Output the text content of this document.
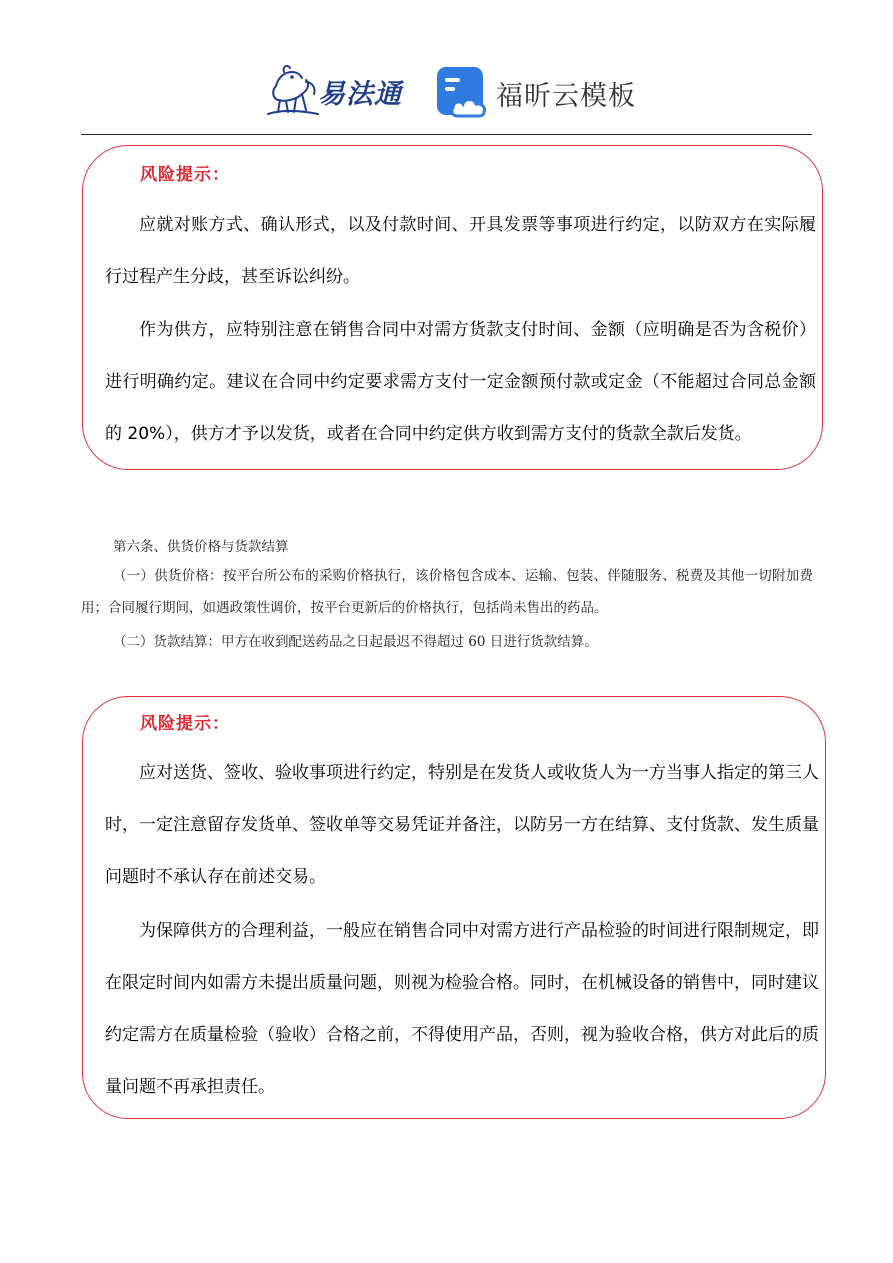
易法通	福昕云模板
风险提示：

应就对账方式、确认形式，以及付款时间、开具发票等事项进行约定，以防双方在实际履行过程产生分歧，甚至诉讼纠纷。

作为供方，应特别注意在销售合同中对需方货款支付时间、金额（应明确是否为含税价）进行明确约定。建议在合同中约定要求需方支付一定金额预付款或定金（不能超过合同总金额的 20%），供方才予以发货，或者在合同中约定供方收到需方支付的货款全款后发货。

第六条、供货价格与货款结算

（一）供货价格：按平台所公布的采购价格执行，该价格包含成本、运输、包装、伴随服务、税费及其他一切附加费用；合同履行期间，如遇政策性调价，按平台更新后的价格执行，包括尚未售出的药品。

（二）货款结算：甲方在收到配送药品之日起最迟不得超过 60 日进行货款结算。

风险提示：

应对送货、签收、验收事项进行约定，特别是在发货人或收货人为一方当事人指定的第三人时，一定注意留存发货单、签收单等交易凭证并备注，以防另一方在结算、支付货款、发生质量问题时不承认存在前述交易。

为保障供方的合理利益，一般应在销售合同中对需方进行产品检验的时间进行限制规定，即在限定时间内如需方未提出质量问题，则视为检验合格。同时，在机械设备的销售中，同时建议约定需方在质量检验（验收）合格之前，不得使用产品，否则，视为验收合格，供方对此后的质量问题不再承担责任。
